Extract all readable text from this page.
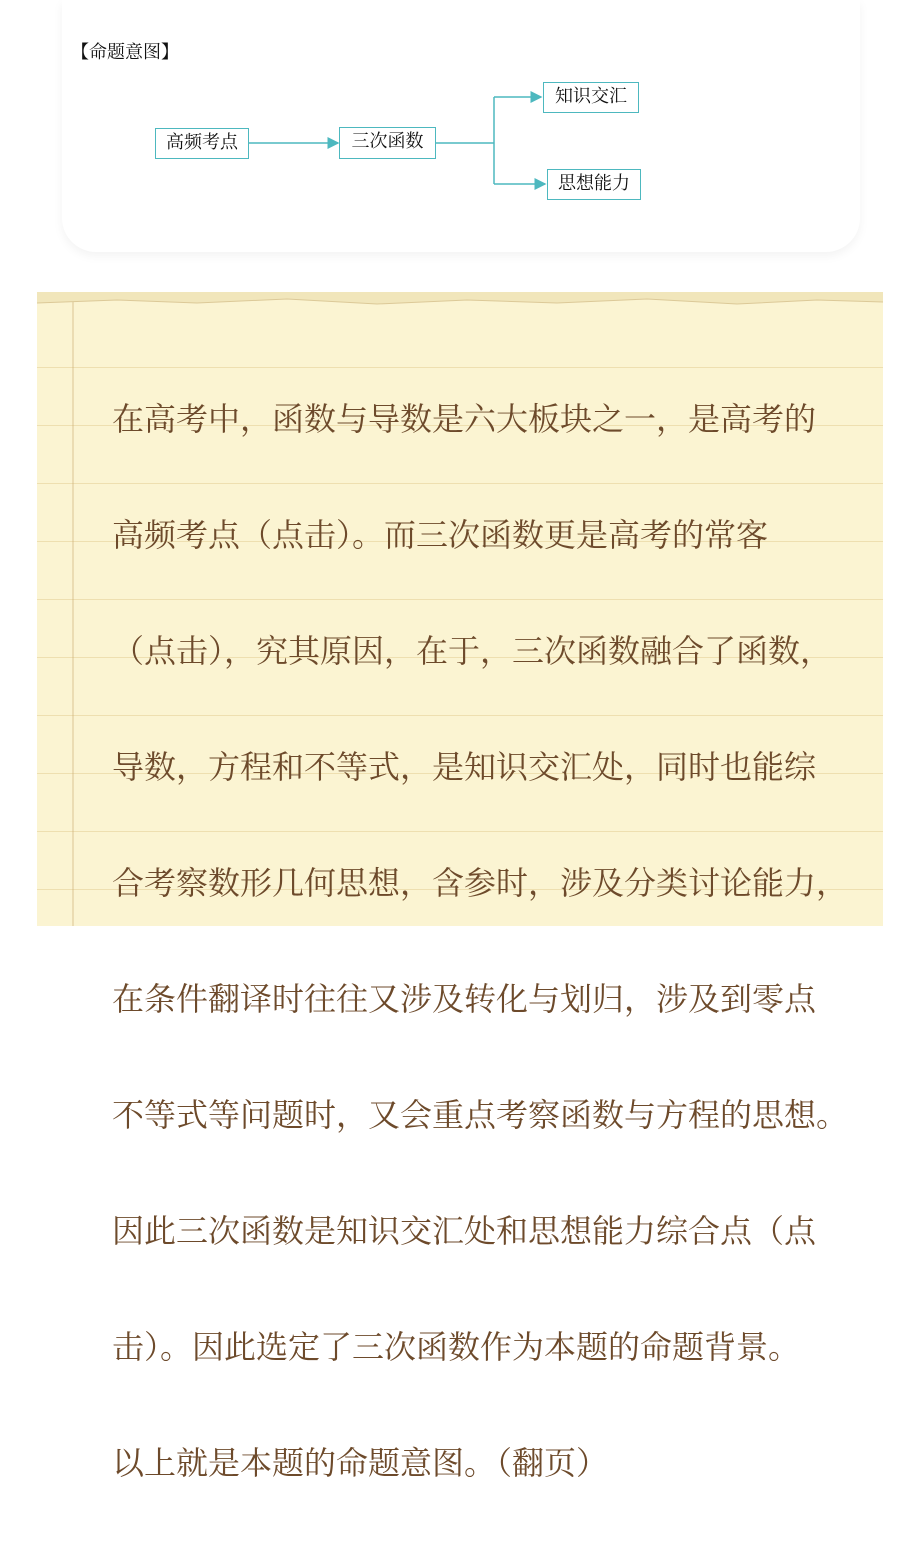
【命题意图】
高频考点	三次函数
知识交汇
思想能力

在高考中，函数与导数是六大板块之一，是高考的

高频考点（点击）。而三次函数更是高考的常客

（点击），究其原因，在于，三次函数融合了函数，

导数，方程和不等式，是知识交汇处，同时也能综

合考察数形几何思想，含参时，涉及分类讨论能力，

在条件翻译时往往又涉及转化与划归，涉及到零点

不等式等问题时，又会重点考察函数与方程的思想。

因此三次函数是知识交汇处和思想能力综合点（点

击）。因此选定了三次函数作为本题的命题背景。

以上就是本题的命题意图。（翻页）
